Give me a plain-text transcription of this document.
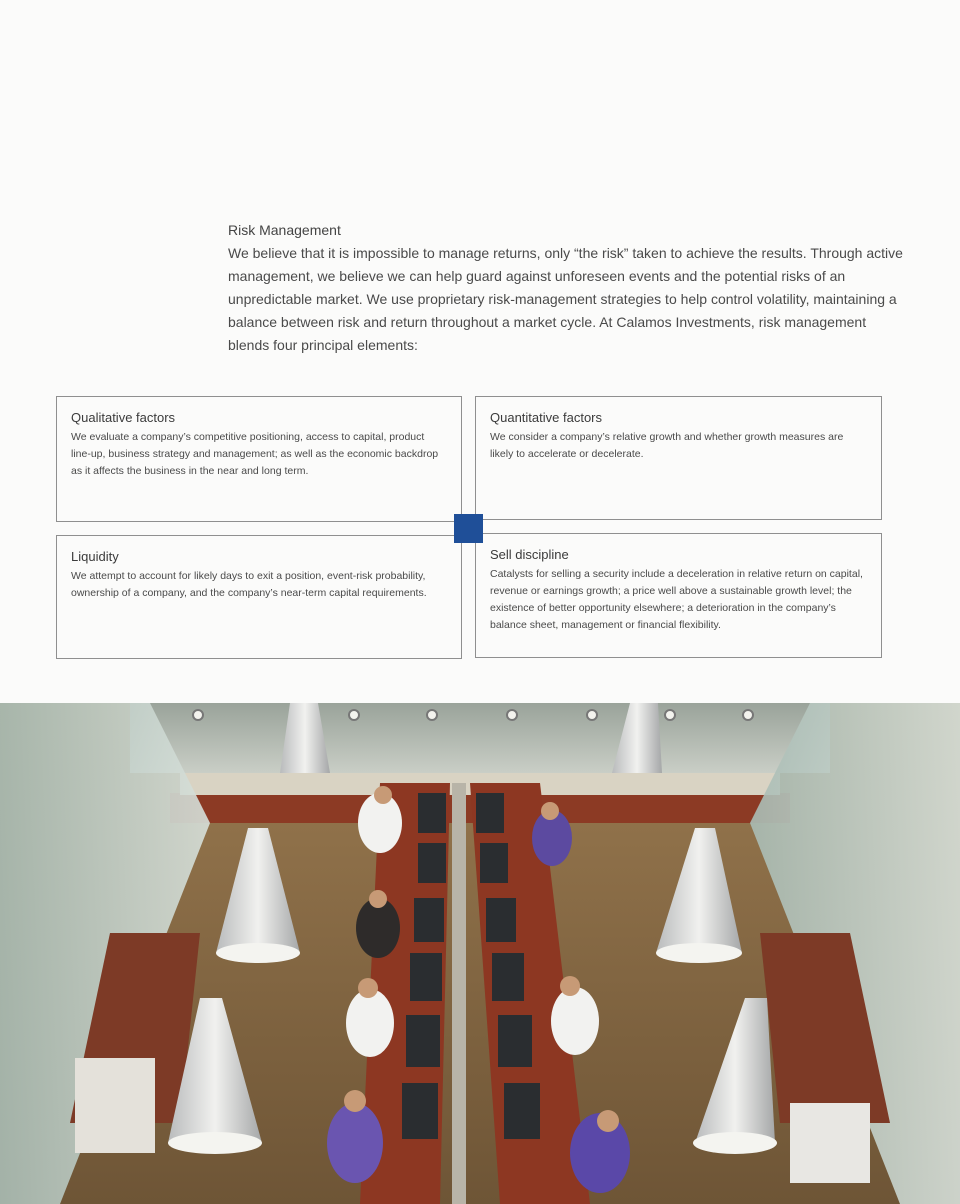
Risk Management
We believe that it is impossible to manage returns, only “the risk” taken to achieve the results. Through active management, we believe we can help guard against unforeseen events and the potential risks of an unpredictable market. We use proprietary risk-management strategies to help control volatility, maintaining a balance between risk and return throughout a market cycle. At Calamos Investments, risk management blends four principal elements:
Qualitative factors
We evaluate a company’s competitive positioning, access to capital, product line-up, business strategy and management; as well as the economic backdrop as it affects the business in the near and long term.
Quantitative factors
We consider a company’s relative growth and whether growth measures are likely to accelerate or decelerate.
Liquidity
We attempt to account for likely days to exit a position, event-risk probability, ownership of a company, and the company’s near-term capital requirements.
Sell discipline
Catalysts for selling a security include a deceleration in relative return on capital, revenue or earnings growth; a price well above a sustainable growth level; the existence of better opportunity elsewhere; a deterioration in the company’s balance sheet, management or financial flexibility.
